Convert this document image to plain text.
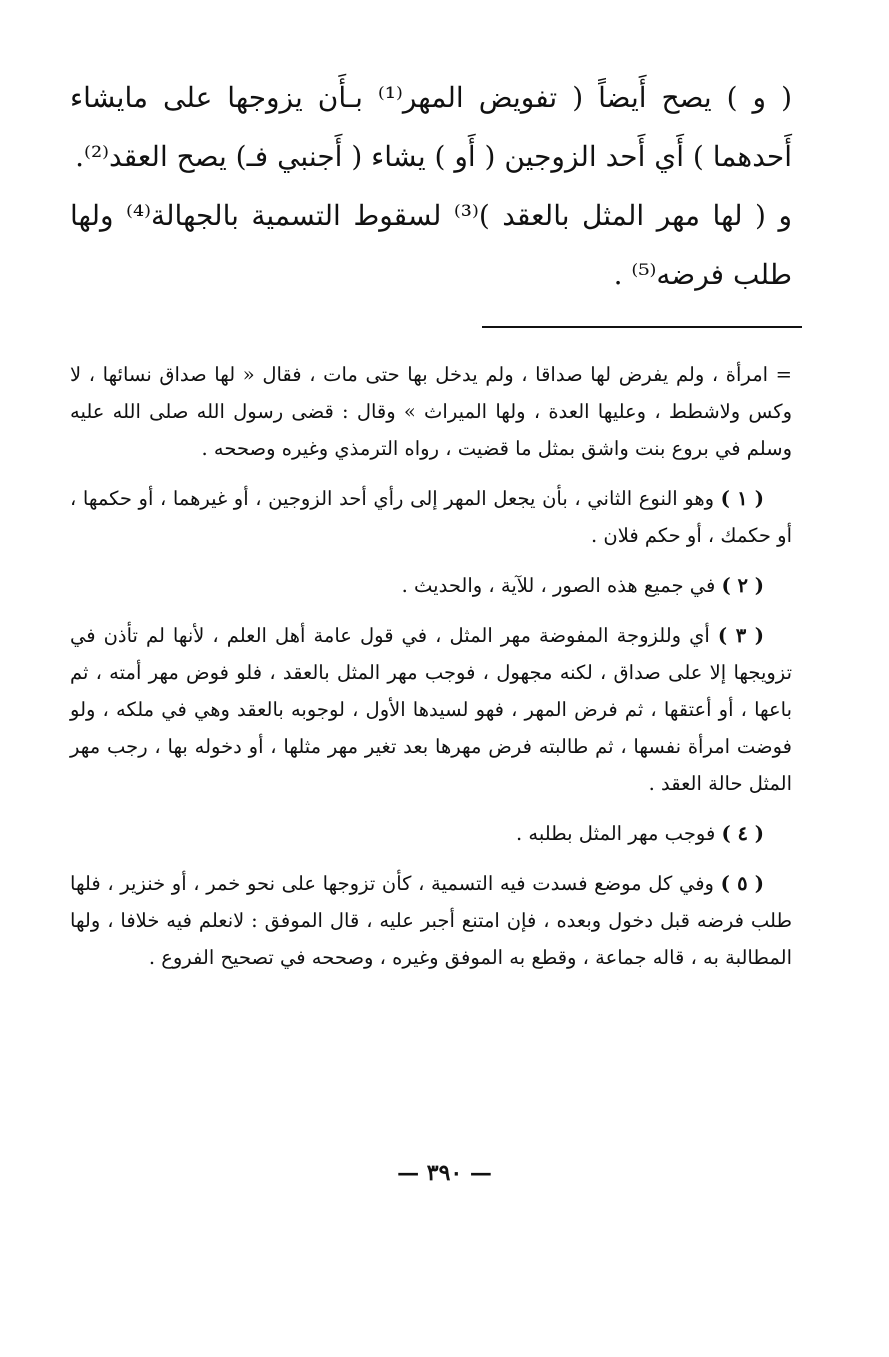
( و ) يصح أَيضاً ( تفويض المهر⁽¹⁾ بـأَن يزوجها على مايشاء أَحدهما ) أَي أَحد الزوجين ( أَو ) يشاء ( أَجنبي فـ) يصح العقد⁽²⁾.

و ( لها مهر المثل بالعقد )⁽³⁾ لسقوط التسمية بالجهالة⁽⁴⁾ ولها طلب فرضه⁽⁵⁾ .

= امرأة ، ولم يفرض لها صداقا ، ولم يدخل بها حتى مات ، فقال « لها صداق نسائها ، لا وكس ولاشطط ، وعليها العدة ، ولها الميراث » وقال : قضى رسول الله صلى الله عليه وسلم في بروع بنت واشق بمثل ما قضيت ، رواه الترمذي وغيره وصححه .

( ١ ) وهو النوع الثاني ، بأن يجعل المهر إلى رأي أحد الزوجين ، أو غيرهما ، أو حكمها ، أو حكمك ، أو حكم فلان .

( ٢ ) في جميع هذه الصور ، للآية ، والحديث .

( ٣ ) أي وللزوجة المفوضة مهر المثل ، في قول عامة أهل العلم ، لأنها لم تأذن في تزويجها إلا على صداق ، لكنه مجهول ، فوجب مهر المثل بالعقد ، فلو فوض مهر أمته ، ثم باعها ، أو أعتقها ، ثم فرض المهر ، فهو لسيدها الأول ، لوجوبه بالعقد وهي في ملكه ، ولو فوضت امرأة نفسها ، ثم طالبته فرض مهرها بعد تغير مهر مثلها ، أو دخوله بها ، رجب مهر المثل حالة العقد .

( ٤ ) فوجب مهر المثل بطلبه .

( ٥ ) وفي كل موضع فسدت فيه التسمية ، كأن تزوجها على نحو خمر ، أو خنزير ، فلها طلب فرضه قبل دخول وبعده ، فإن امتنع أجبر عليه ، قال الموفق : لانعلم فيه خلافا ، ولها المطالبة به ، قاله جماعة ، وقطع به الموفق وغيره ، وصححه في تصحيح الفروع .

— ٣٩٠ —
